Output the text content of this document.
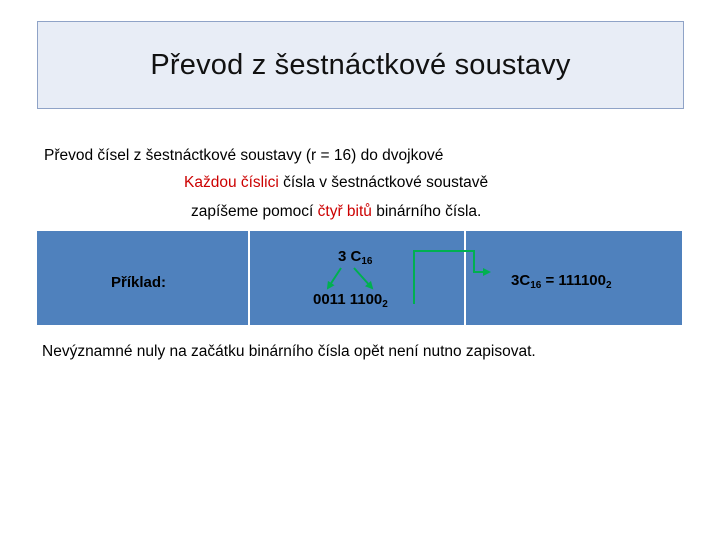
Převod z šestnáctkové soustavy
Převod čísel z šestnáctkové soustavy (r = 16) do dvojkové
Každou číslici čísla v šestnáctkové soustavě
zapíšeme pomocí čtyř bitů binárního čísla.
Příklad:
3 $C_{16}$
0011 $1100_2$
$3C_{16} = 111100_2$
Nevýznamné nuly na začátku binárního čísla opět není nutno zapisovat.
